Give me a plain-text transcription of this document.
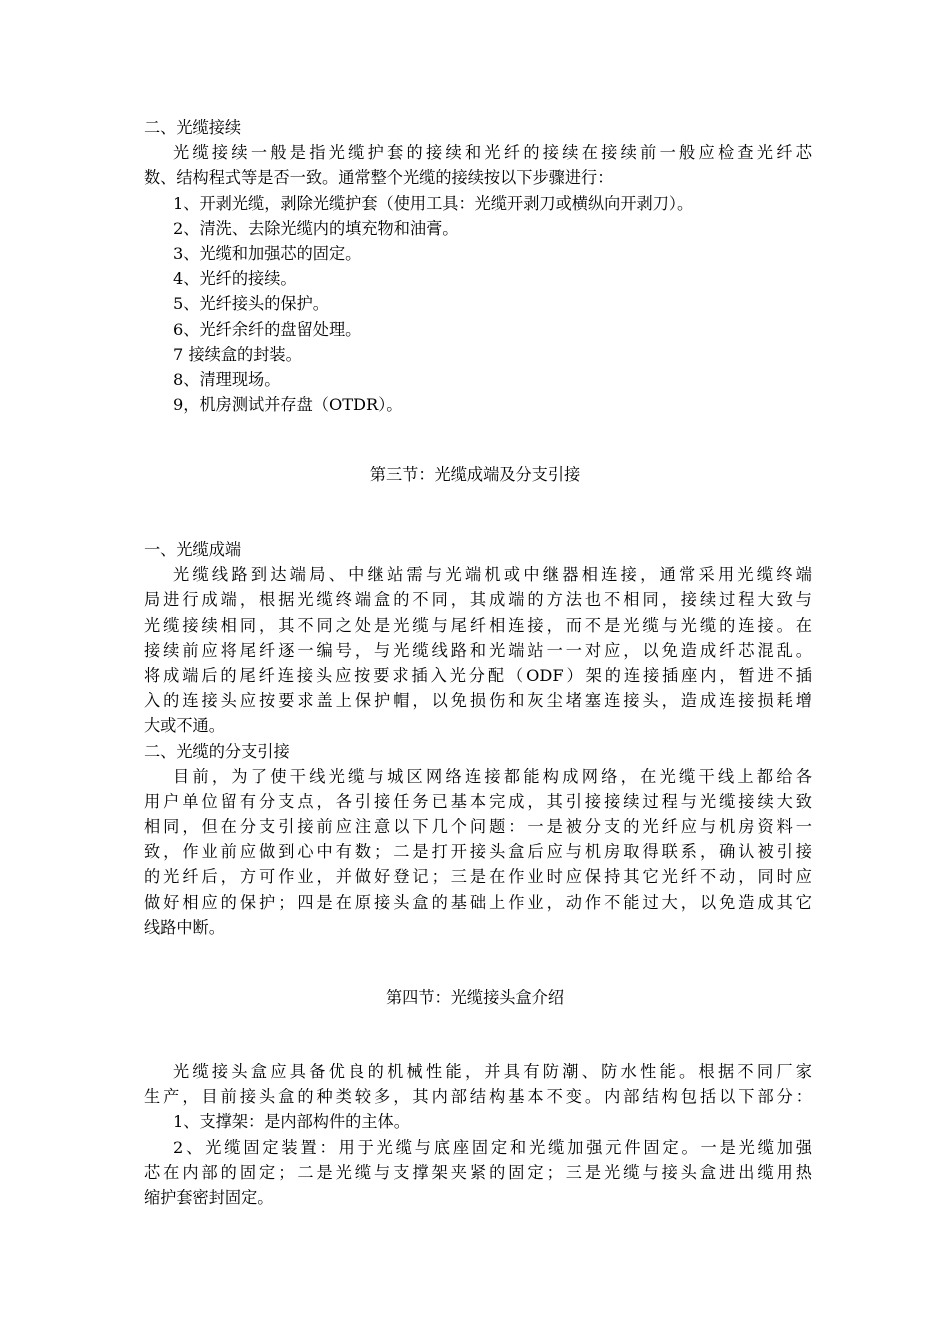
二、光缆接续

光缆接续一般是指光缆护套的接续和光纤的接续在接续前一般应检查光纤芯

数、结构程式等是否一致。通常整个光缆的接续按以下步骤进行：

1、开剥光缆，剥除光缆护套（使用工具：光缆开剥刀或横纵向开剥刀）。

2、清洗、去除光缆内的填充物和油膏。

3、光缆和加强芯的固定。

4、光纤的接续。

5、光纤接头的保护。

6、光纤余纤的盘留处理。

7 接续盒的封装。

8、清理现场。

9，机房测试并存盘（OTDR）。

第三节：光缆成端及分支引接

一、光缆成端

光缆线路到达端局、中继站需与光端机或中继器相连接，通常采用光缆终端

局进行成端，根据光缆终端盒的不同，其成端的方法也不相同，接续过程大致与

光缆接续相同，其不同之处是光缆与尾纤相连接，而不是光缆与光缆的连接。在

接续前应将尾纤逐一编号，与光缆线路和光端站一一对应，以免造成纤芯混乱。

将成端后的尾纤连接头应按要求插入光分配（ODF）架的连接插座内，暂进不插

入的连接头应按要求盖上保护帽，以免损伤和灰尘堵塞连接头，造成连接损耗增

大或不通。

二、光缆的分支引接

目前，为了使干线光缆与城区网络连接都能构成网络，在光缆干线上都给各

用户单位留有分支点，各引接任务已基本完成，其引接接续过程与光缆接续大致

相同，但在分支引接前应注意以下几个问题：一是被分支的光纤应与机房资料一

致，作业前应做到心中有数；二是打开接头盒后应与机房取得联系，确认被引接

的光纤后，方可作业，并做好登记；三是在作业时应保持其它光纤不动，同时应

做好相应的保护；四是在原接头盒的基础上作业，动作不能过大，以免造成其它

线路中断。

第四节：光缆接头盒介绍

光缆接头盒应具备优良的机械性能，并具有防潮、防水性能。根据不同厂家

生产，目前接头盒的种类较多，其内部结构基本不变。内部结构包括以下部分：

1、支撑架：是内部构件的主体。

2、光缆固定装置：用于光缆与底座固定和光缆加强元件固定。一是光缆加强

芯在内部的固定；二是光缆与支撑架夹紧的固定；三是光缆与接头盒进出缆用热

缩护套密封固定。
